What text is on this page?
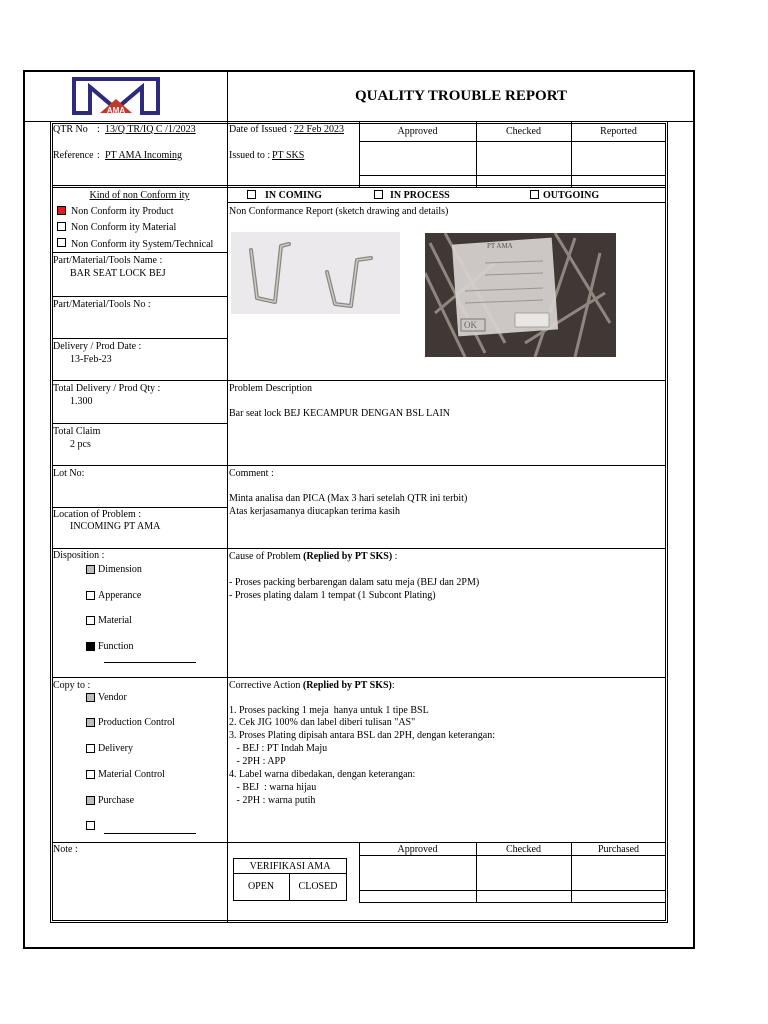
AMA
QUALITY TROUBLE REPORT
QTR No : 13/Q TR/IQ C /1/2023
Reference : PT AMA Incoming
Date of Issued : 22 Feb 2023
Issued to : PT SKS
Approved	Checked	Reported
Kind of non Conform ity
Non Conform ity Product
Non Conform ity Material
Non Conform ity System/Technical
IN COMING	IN PROCESS	OUTGOING
Non Conformance Report (sketch drawing and details)
PT AMA
OK
Part/Material/Tools Name :
BAR SEAT LOCK BEJ
Part/Material/Tools No :
Delivery / Prod Date :
13-Feb-23
Total Delivery / Prod Qty :
1.300
Problem Description
Bar seat lock BEJ KECAMPUR DENGAN BSL LAIN
Total Claim
2 pcs
Lot No:	Comment :
Minta analisa dan PICA (Max 3 hari setelah QTR ini terbit)
Atas kerjasamanya diucapkan terima kasih
Location of Problem :
INCOMING PT AMA
Disposition :
Dimension
Apperance
Material
Function
Cause of Problem (Replied by PT SKS) :
- Proses packing berbarengan dalam satu meja (BEJ dan 2PM)
- Proses plating dalam 1 tempat (1 Subcont Plating)
Copy to :
Vendor
Production Control
Delivery
Material Control
Purchase
Corrective Action (Replied by PT SKS):
1. Proses packing 1 meja  hanya untuk 1 tipe BSL
2. Cek JIG 100% dan label diberi tulisan "AS"
3. Proses Plating dipisah antara BSL dan 2PH, dengan keterangan:
- BEJ : PT Indah Maju
- 2PH : APP
4. Label warna dibedakan, dengan keterangan:
- BEJ  : warna hijau
- 2PH : warna putih
Note :
VERIFIKASI AMA
OPEN	CLOSED
Approved	Checked	Purchased
